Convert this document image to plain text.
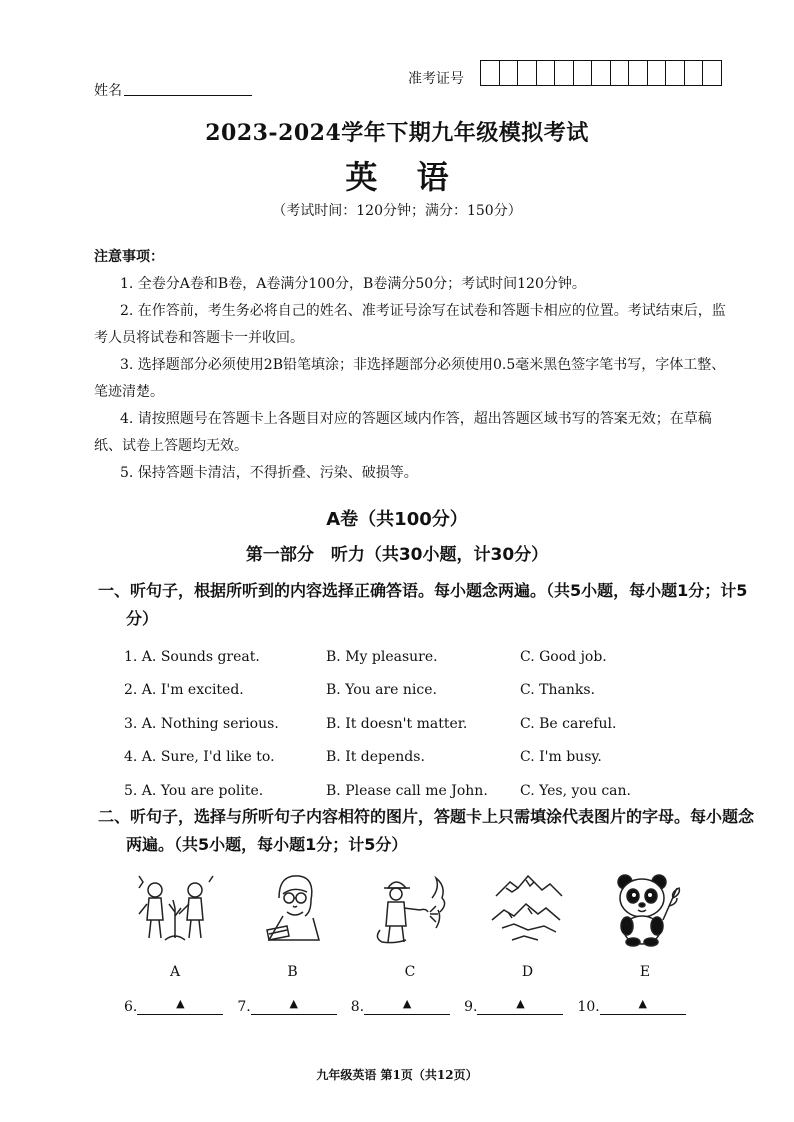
姓名
准考证号
2023-2024学年下期九年级模拟考试
英 语
（考试时间：120分钟；满分：150分）
注意事项：
1. 全卷分A卷和B卷，A卷满分100分，B卷满分50分；考试时间120分钟。
2. 在作答前，考生务必将自己的姓名、准考证号涂写在试卷和答题卡相应的位置。考试结束后，监考人员将试卷和答题卡一并收回。
3. 选择题部分必须使用2B铅笔填涂；非选择题部分必须使用0.5毫米黑色签字笔书写，字体工整、笔迹清楚。
4. 请按照题号在答题卡上各题目对应的答题区域内作答，超出答题区域书写的答案无效；在草稿纸、试卷上答题均无效。
5. 保持答题卡清洁，不得折叠、污染、破损等。
A卷（共100分）
第一部分　听力（共30小题，计30分）
一、听句子，根据所听到的内容选择正确答语。每小题念两遍。（共5小题，每小题1分；计5分）
1. A. Sounds great.	B. My pleasure.	C. Good job.
2. A. I'm excited.	B. You are nice.	C. Thanks.
3. A. Nothing serious.	B. It doesn't matter.	C. Be careful.
4. A. Sure, I'd like to.	B. It depends.	C. I'm busy.
5. A. You are polite.	B. Please call me John.	C. Yes, you can.
二、听句子，选择与所听句子内容相符的图片，答题卡上只需填涂代表图片的字母。每小题念两遍。（共5小题，每小题1分；计5分）
A	B	C	D	E
6.	▲	7.	▲	8.	▲	9.	▲	10.	▲
九年级英语 第1页（共12页）
